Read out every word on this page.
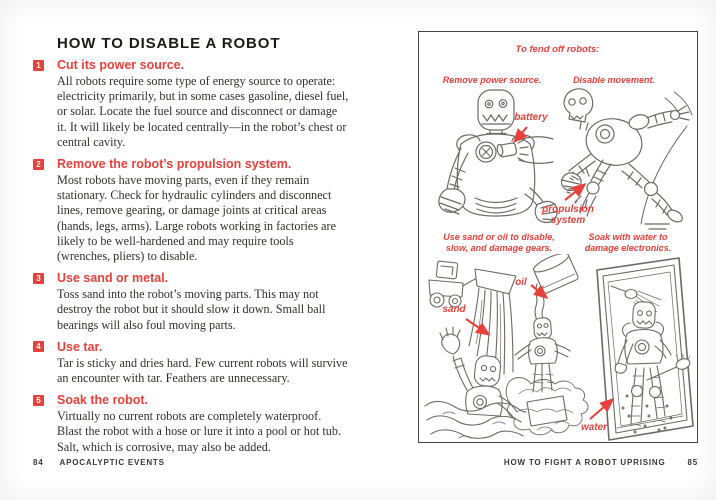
HOW TO DISABLE A ROBOT
1 Cut its power source.
All robots require some type of energy source to operate: electricity primarily, but in some cases gasoline, diesel fuel, or solar. Locate the fuel source and disconnect or damage it. It will likely be located centrally—in the robot’s chest or central cavity.
2 Remove the robot’s propulsion system.
Most robots have moving parts, even if they remain stationary. Check for hydraulic cylinders and disconnect lines, remove gearing, or damage joints at critical areas (hands, legs, arms). Large robots working in factories are likely to be well-hardened and may require tools (wrenches, pliers) to disable.
3 Use sand or metal.
Toss sand into the robot’s moving parts. This may not destroy the robot but it should slow it down. Small ball bearings will also foul moving parts.
4 Use tar.
Tar is sticky and dries hard. Few current robots will survive an encounter with tar. Feathers are unnecessary.
5 Soak the robot.
Virtually no current robots are completely waterproof. Blast the robot with a hose or lure it into a pool or hot tub. Salt, which is corrosive, may also be added.
84 APOCALYPTIC EVENTS
To fend off robots:
Remove power source.	Disable movement.
Use sand or oil to disable,
slow, and damage gears.
Soak with water to
damage electronics.
battery
propulsion system
sand
oil
water
HOW TO FIGHT A ROBOT UPRISING	85
